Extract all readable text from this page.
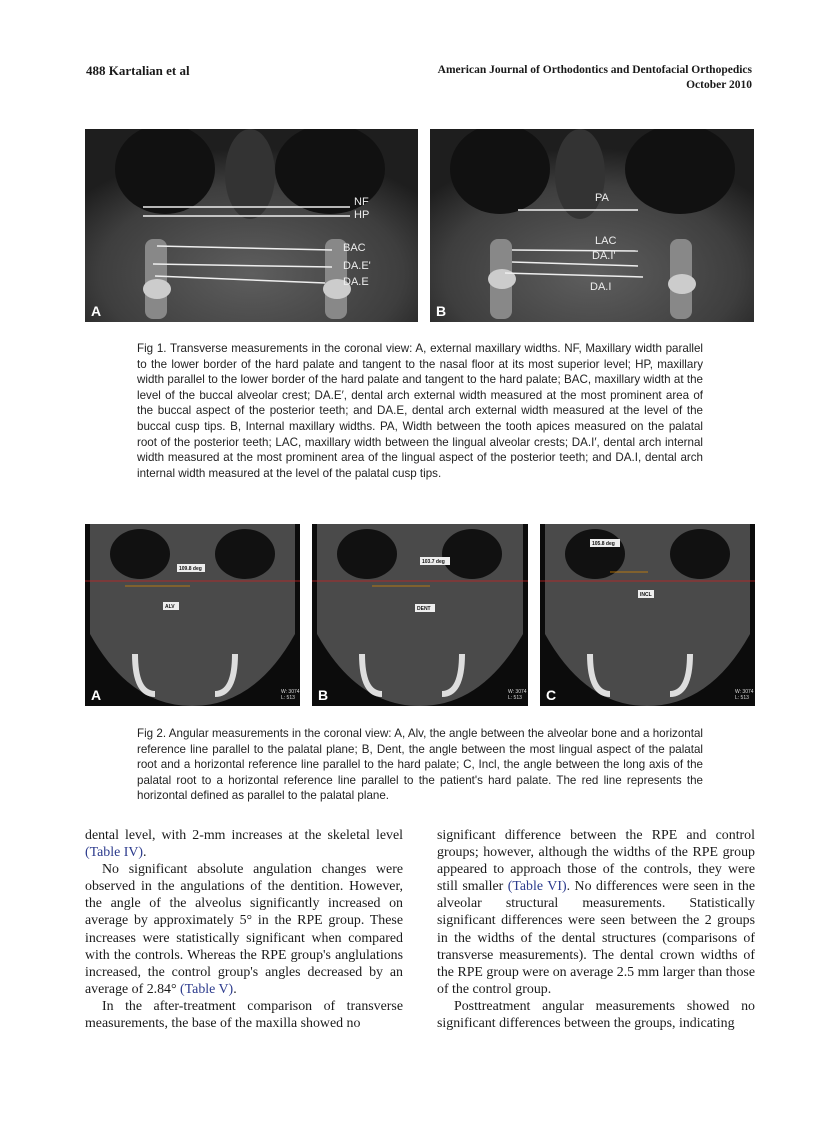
488 Kartalian et al	American Journal of Orthodontics and Dentofacial Orthopedics
October 2010
NF
HP
BAC
DA.E'
DA.E
A
PA
LAC
DA.I'
DA.I
B
Fig 1. Transverse measurements in the coronal view: A, external maxillary widths. NF, Maxillary width parallel to the lower border of the hard palate and tangent to the nasal floor at its most superior level; HP, maxillary width parallel to the lower border of the hard palate and tangent to the hard palate; BAC, maxillary width at the level of the buccal alveolar crest; DA.E′, dental arch external width measured at the most prominent area of the buccal aspect of the posterior teeth; and DA.E, dental arch external width measured at the level of the buccal cusp tips. B, Internal maxillary widths. PA, Width between the tooth apices measured on the palatal root of the posterior teeth; LAC, maxillary width between the lingual alveolar crests; DA.I′, dental arch internal width measured at the most prominent area of the lingual aspect of the posterior teeth; and DA.I, dental arch internal width measured at the level of the palatal cusp tips.
109.8 deg
ALV
W: 3074
L: 513
A
103.7 deg
DENT
W: 3074
L: 513
B
105.8 deg
INCL
W: 3074
L: 513
C
Fig 2. Angular measurements in the coronal view: A, Alv, the angle between the alveolar bone and a horizontal reference line parallel to the palatal plane; B, Dent, the angle between the most lingual aspect of the palatal root and a horizontal reference line parallel to the hard palate; C, Incl, the angle between the long axis of the palatal root to a horizontal reference line parallel to the patient's hard palate. The red line represents the horizontal defined as parallel to the palatal plane.

dental level, with 2-mm increases at the skeletal level (Table IV).

No significant absolute angulation changes were observed in the angulations of the dentition. However, the angle of the alveolus significantly increased on average by approximately 5° in the RPE group. These increases were statistically significant when compared with the controls. Whereas the RPE group's anglulations increased, the control group's angles decreased by an average of 2.84° (Table V).

In the after-treatment comparison of transverse measurements, the base of the maxilla showed no

significant difference between the RPE and control groups; however, although the widths of the RPE group appeared to approach those of the controls, they were still smaller (Table VI). No differences were seen in the alveolar structural measurements. Statistically significant differences were seen between the 2 groups in the widths of the dental structures (comparisons of transverse measurements). The dental crown widths of the RPE group were on average 2.5 mm larger than those of the control group.

Posttreatment angular measurements showed no significant differences between the groups, indicating
